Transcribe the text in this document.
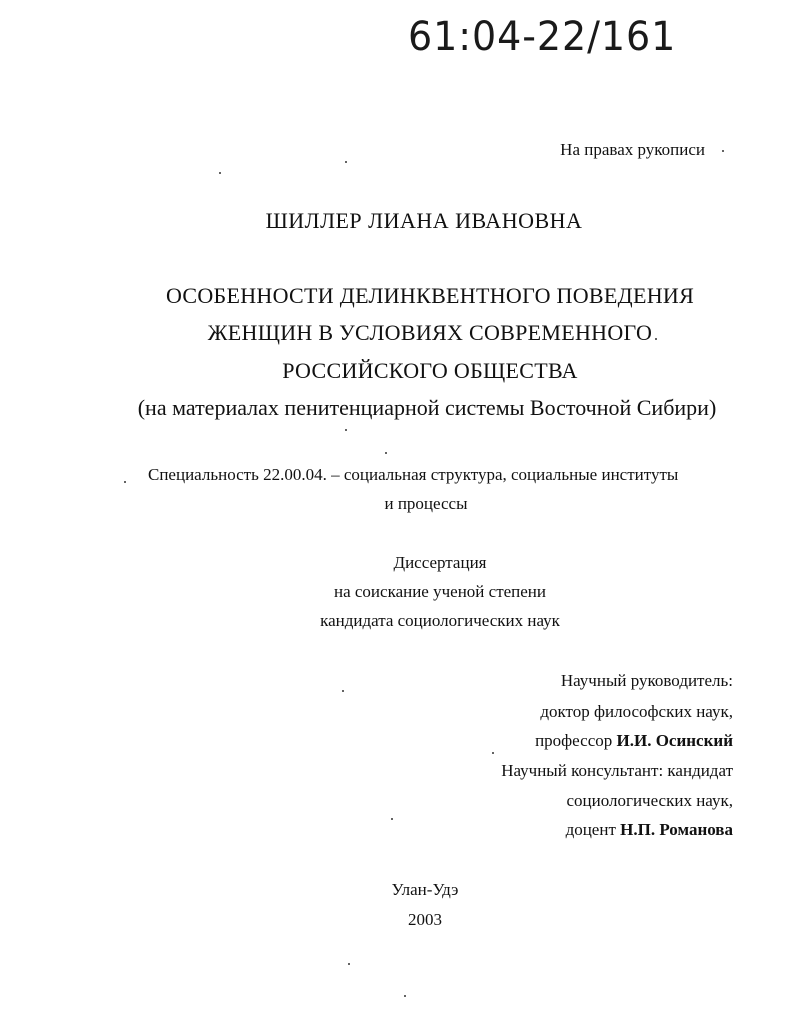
61:04-22/161
На правах рукописи
ШИЛЛЕР ЛИАНА ИВАНОВНА
ОСОБЕННОСТИ ДЕЛИНКВЕНТНОГО ПОВЕДЕНИЯ
ЖЕНЩИН В УСЛОВИЯХ СОВРЕМЕННОГО
РОССИЙСКОГО ОБЩЕСТВА
(на материалах пенитенциарной системы Восточной Сибири)
Специальность 22.00.04. – социальная структура, социальные институты
и процессы
Диссертация
на соискание ученой степени
кандидата социологических наук
Научный руководитель:
доктор философских наук,
профессор И.И. Осинский
Научный консультант: кандидат
социологических наук,
доцент Н.П. Романова
Улан-Удэ
2003
